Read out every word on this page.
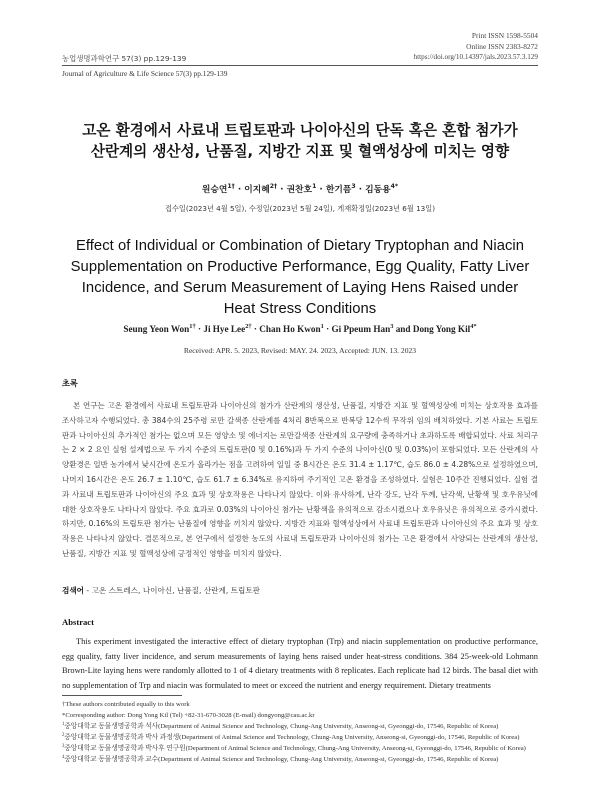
Print ISSN 1598-5504
Online ISSN 2383-8272
농업생명과학연구 57(3) pp.129-139	https://doi.org/10.14397/jals.2023.57.3.129
Journal of Agriculture & Life Science 57(3) pp.129-139
고온 환경에서 사료내 트립토판과 나이아신의 단독 혹은 혼합 첨가가
산란계의 생산성, 난품질, 지방간 지표 및 혈액성상에 미치는 영향
원승연$^{1\dagger}$ · 이지혜$^{2\dagger}$ · 권찬호$^1$ · 한기픔$^3$ · 김동용$^{4*}$
접수일(2023년 4월 5일), 수정일(2023년 5월 24일), 게재확정일(2023년 6월 13일)
Effect of Individual or Combination of Dietary Tryptophan and Niacin
Supplementation on Productive Performance, Egg Quality, Fatty Liver
Incidence, and Serum Measurement of Laying Hens Raised under
Heat Stress Conditions
Seung Yeon Won$^{1\dagger}$ · Ji Hye Lee$^{2\dagger}$ · Chan Ho Kwon$^1$ · Gi Ppeum Han$^3$ and Dong Yong Kil$^{4*}$
Received: APR. 5. 2023, Revised: MAY. 24. 2023, Accepted: JUN. 13. 2023
초록

본 연구는 고온 환경에서 사료내 트립토판과 나이아신의 첨가가 산란계의 생산성, 난품질, 지방간 지표 및 혈액성상에 미치는 상호작용 효과를 조사하고자 수행되었다. 총 384수의 25주령 로만 갈색종 산란계를 4처리 8반복으로 반복당 12수씩 무작위 임의 배치하였다. 기본 사료는 트립토판과 나이아신의 추가적인 첨가는 없으며 모든 영양소 및 에너지는 로만갈색종 산란계의 요구량에 충족하거나 초과하도록 배합되었다. 사료 처리구는 2 × 2 요인 실험 설계법으로 두 가지 수준의 트립토판(0 및 0.16%)과 두 가지 수준의 나이아신(0 및 0.03%)이 포함되었다. 모든 산란계의 사양환경은 일반 농가에서 낮시간에 온도가 올라가는 점을 고려하여 일일 중 8시간은 온도 31.4 ± 1.17℃, 습도 86.0 ± 4.28%으로 설정하였으며, 나머지 16시간은 온도 26.7 ± 1.10℃, 습도 61.7 ± 6.34%로 유지하여 주기적인 고온 환경을 조성하였다. 실험은 10주간 진행되었다. 실험 결과 사료내 트립토판과 나이아신의 주요 효과 및 상호작용은 나타나지 않았다. 이와 유사하게, 난각 강도, 난각 두께, 난각색, 난황색 및 호우유닛에 대한 상호작용도 나타나지 않았다. 주요 효과로 0.03%의 나이아신 첨가는 난황색을 유의적으로 감소시켰으나 호우유닛은 유의적으로 증가시켰다. 하지만, 0.16%의 트립토판 첨가는 난품질에 영향을 끼치지 않았다. 지방간 지표와 혈액성상에서 사료내 트립토판과 나이아신의 주요 효과 및 상호작용은 나타나지 않았다. 결론적으로, 본 연구에서 설정한 농도의 사료내 트립토판과 나이아신의 첨가는 고온 환경에서 사양되는 산란계의 생산성, 난품질, 지방간 지표 및 혈액성상에 긍정적인 영향을 미치지 않았다.

검색어 - 고온 스트레스, 나이아신, 난품질, 산란계, 트립토판
Abstract

This experiment investigated the interactive effect of dietary tryptophan (Trp) and niacin supplementation on productive performance, egg quality, fatty liver incidence, and serum measurements of laying hens raised under heat-stress conditions. 384 25-week-old Lohmann Brown-Lite laying hens were randomly allotted to 1 of 4 dietary treatments with 8 replicates. Each replicate had 12 birds. The basal diet with no supplementation of Trp and niacin was formulated to meet or exceed the nutrient and energy requirement. Dietary treatments

†These authors contributed equally to this work
*Corresponding author: Dong Yong Kil (Tel) +82-31-670-3028 (E-mail) dongyong@cau.ac.kr
$^1$중앙대학교 동물생명공학과 석사(Department of Animal Science and Technology, Chung-Ang University, Anseong-si, Gyeonggi-do, 17546, Republic of Korea)
$^2$중앙대학교 동물생명공학과 박사 과정생(Department of Animal Science and Technology, Chung-Ang University, Anseong-si, Gyeonggi-do, 17546, Republic of Korea)
$^3$중앙대학교 동물생명공학과 박사후 연구원(Department of Animal Science and Technology, Chung-Ang University, Anseong-si, Gyeonggi-do, 17546, Republic of Korea)
$^4$중앙대학교 동물생명공학과 교수(Department of Animal Science and Technology, Chung-Ang University, Anseong-si, Gyeonggi-do, 17546, Republic of Korea)
